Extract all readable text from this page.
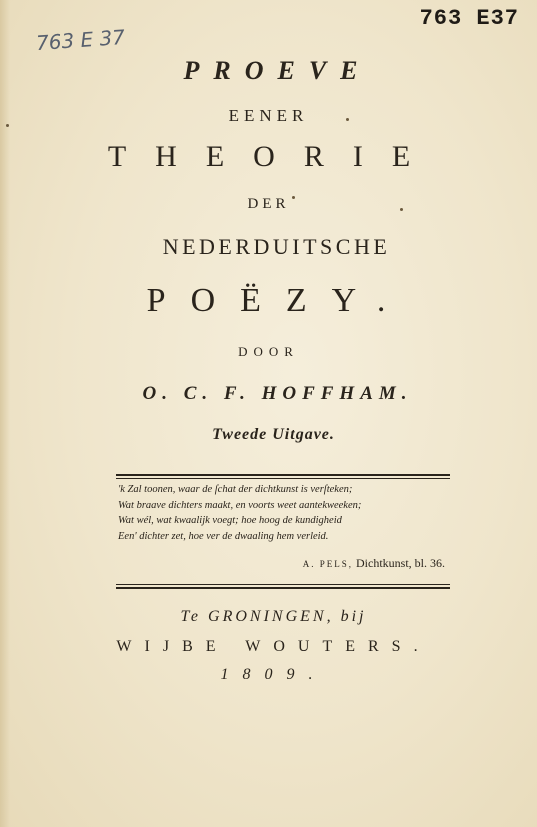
763 E37
763 E 37
PROEVE
EENER
THEORIE
DER
NEDERDUITSCHE
POËZY.
DOOR
O. C. F. HOFFHAM.
Tweede Uitgave.
'k Zal toonen, waar de ſchat der dichtkunst is verſteken;
Wat braave dichters maakt, en voorts weet aantekweeken;
Wat wél, wat kwaalijk voegt; hoe hoog de kundigheid
Een' dichter zet, hoe ver de dwaaling hem verleid.
A. PELS, Dichtkunst, bl. 36.
Te GRONINGEN, bij
WIJBE WOUTERS.
1809.
